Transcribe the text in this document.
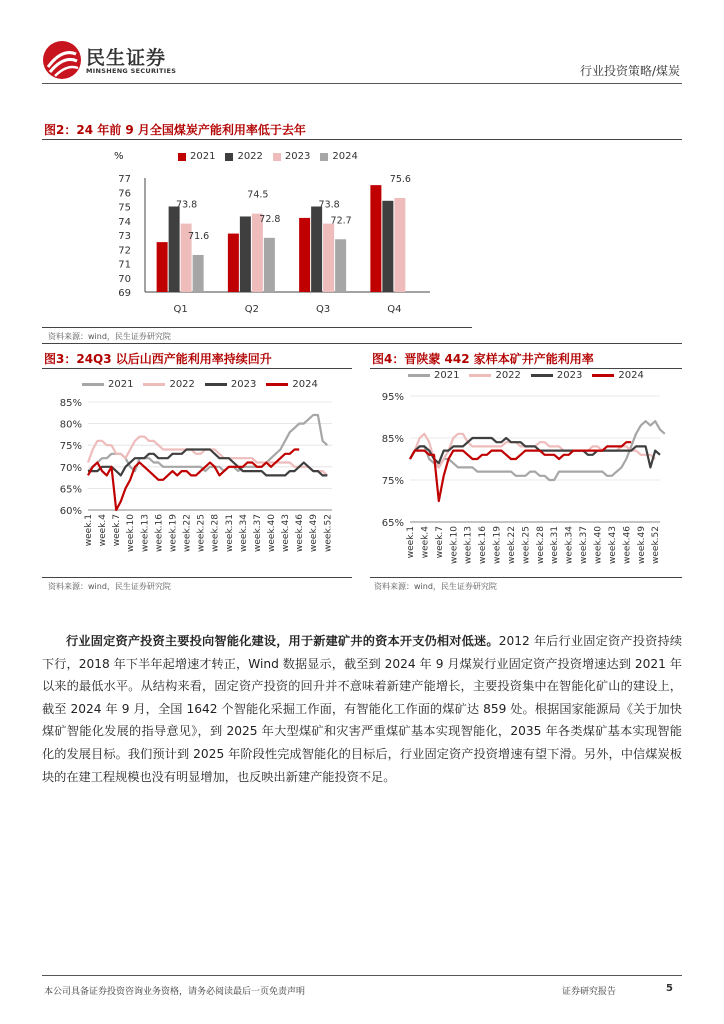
民生证券
MINSHENG SECURITIES	行业投资策略/煤炭
图2：24 年前 9 月全国煤炭产能利用率低于去年
%	2021 2022 2023 2024
77
76
75
74
73
72
71
70
69
73.8
71.6
Q1
74.5
72.8
Q2
73.8
72.7
Q3
75.6
Q4
资料来源：wind，民生证券研究院
图3：24Q3 以后山西产能利用率持续回升
2021	2022	2023	2024
85%
80%
75%
70%
65%
60%
week.1 week.4 week.7 week.10 week.13 week.16 week.19 week.22 week.25 week.28 week.31 week.34 week.37 week.40 week.43 week.46 week.49 week.52
资料来源：wind，民生证券研究院
图4：晋陕蒙 442 家样本矿井产能利用率
2021	2022	2023	2024
95%
85%
75%
65%
week.1 week.4 week.7 week.10 week.13 week.16 week.19 week.22 week.25 week.28 week.31 week.34 week.37 week.40 week.43 week.46 week.49 week.52
资料来源：wind，民生证券研究院
行业固定资产投资主要投向智能化建设，用于新建矿井的资本开支仍相对低迷。2012 年后行业固定资产投资持续下行，2018 年下半年起增速才转正，Wind 数据显示，截至到 2024 年 9 月煤炭行业固定资产投资增速达到 2021 年以来的最低水平。从结构来看，固定资产投资的回升并不意味着新建产能增长，主要投资集中在智能化矿山的建设上，截至 2024 年 9 月，全国 1642 个智能化采掘工作面，有智能化工作面的煤矿达 859 处。根据国家能源局《关于加快煤矿智能化发展的指导意见》，到 2025 年大型煤矿和灾害严重煤矿基本实现智能化，2035 年各类煤矿基本实现智能化的发展目标。我们预计到 2025 年阶段性完成智能化的目标后，行业固定资产投资增速有望下滑。另外，中信煤炭板块的在建工程规模也没有明显增加，也反映出新建产能投资不足。
本公司具备证券投资咨询业务资格，请务必阅读最后一页免责声明	证券研究报告	5
